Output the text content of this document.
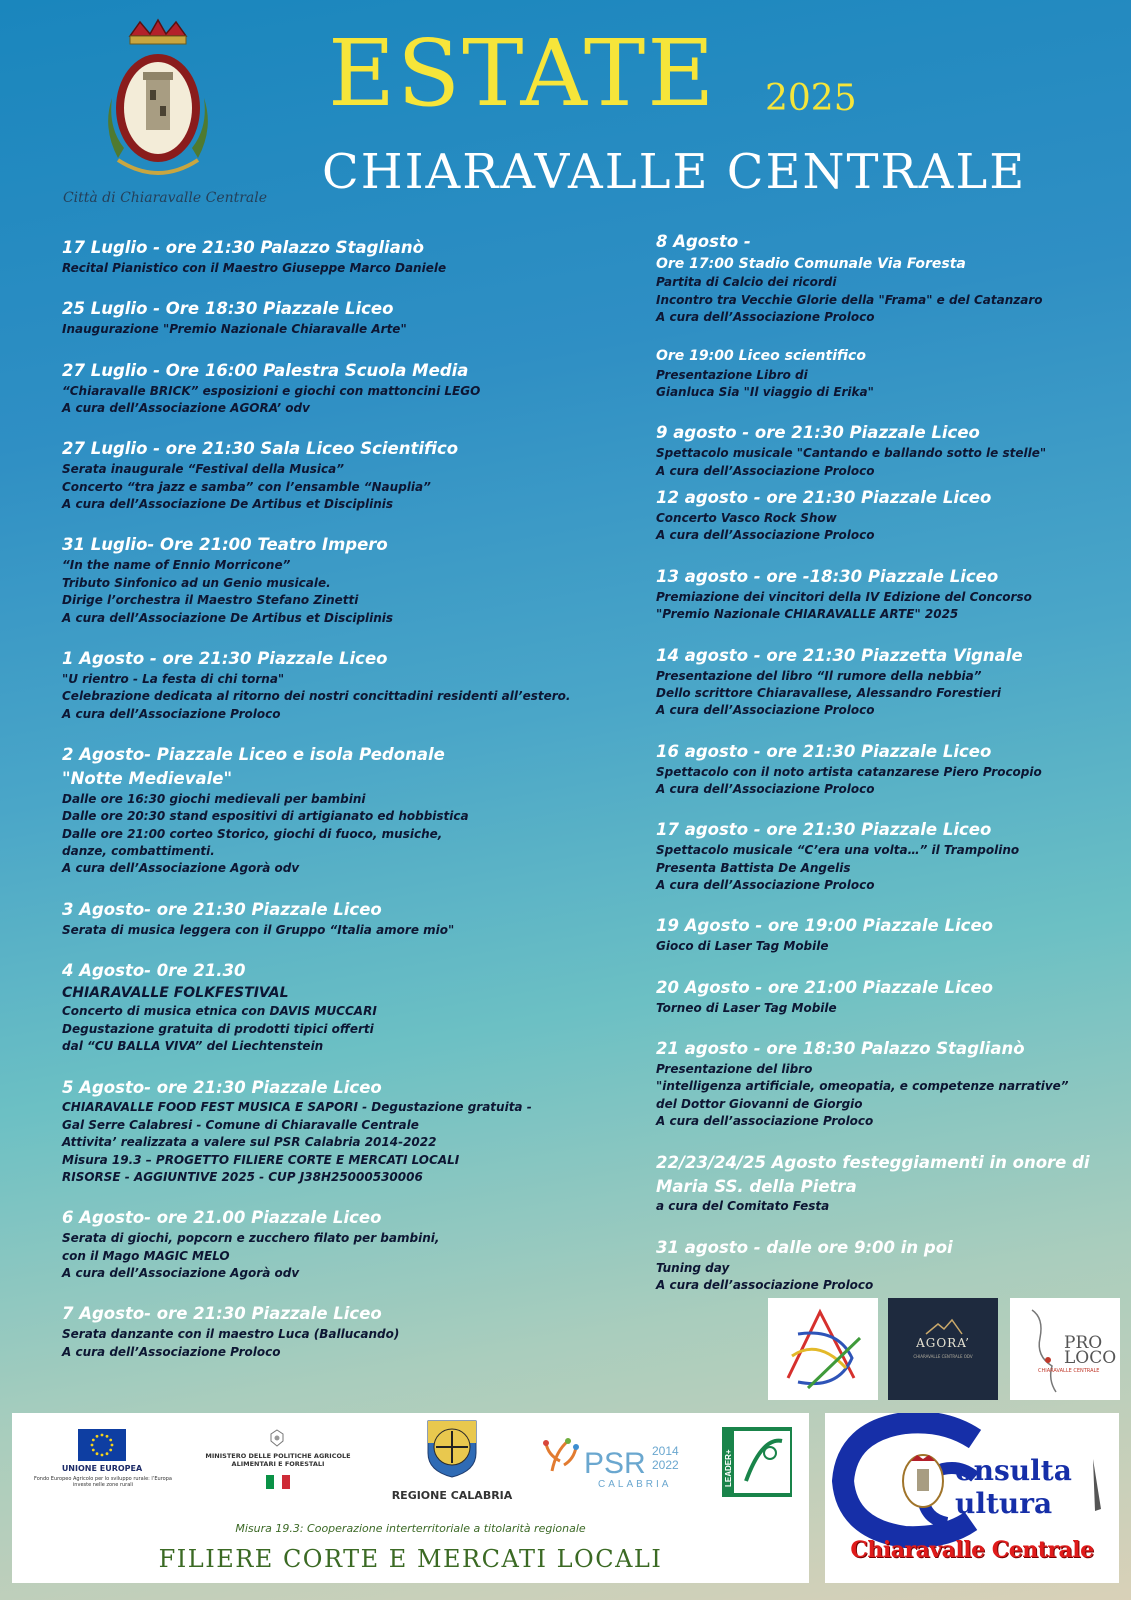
Città di Chiaravalle Centrale
ESTATE 2025
CHIARAVALLE CENTRALE

17 Luglio - ore 21:30 Palazzo Staglianò

Recital Pianistico con il Maestro Giuseppe Marco Daniele

25 Luglio - Ore 18:30 Piazzale Liceo

Inaugurazione "Premio Nazionale Chiaravalle Arte"

27 Luglio - Ore 16:00 Palestra Scuola Media

“Chiaravalle BRICK” esposizioni e giochi con mattoncini LEGO

A cura dell’Associazione AGORA’ odv

27 Luglio - ore 21:30 Sala Liceo Scientifico

Serata inaugurale “Festival della Musica”

Concerto “tra jazz e samba” con l’ensamble “Nauplia”

A cura dell’Associazione De Artibus et Disciplinis

31 Luglio- Ore 21:00 Teatro Impero

“In the name of Ennio Morricone”

Tributo Sinfonico ad un Genio musicale.

Dirige l’orchestra il Maestro Stefano Zinetti

A cura dell’Associazione De Artibus et Disciplinis

1 Agosto - ore 21:30 Piazzale Liceo

"U rientro - La festa di chi torna"

Celebrazione dedicata al ritorno dei nostri concittadini residenti all’estero.

A cura dell’Associazione Proloco

2 Agosto- Piazzale Liceo e isola Pedonale

"Notte Medievale"

Dalle ore 16:30 giochi medievali per bambini

Dalle ore 20:30 stand espositivi di artigianato ed hobbistica

Dalle ore 21:00 corteo Storico, giochi di fuoco, musiche,

danze, combattimenti.

A cura dell’Associazione Agorà odv

3 Agosto- ore 21:30 Piazzale Liceo

Serata di musica leggera con il Gruppo “Italia amore mio"

4 Agosto- 0re 21.30

CHIARAVALLE FOLKFESTIVAL

Concerto di musica etnica con DAVIS MUCCARI

Degustazione gratuita di prodotti tipici offerti

dal “CU BALLA VIVA” del Liechtenstein

5 Agosto- ore 21:30 Piazzale Liceo

CHIARAVALLE FOOD FEST MUSICA E SAPORI - Degustazione gratuita -

Gal Serre Calabresi - Comune di Chiaravalle Centrale

Attivita’ realizzata a valere sul PSR Calabria 2014-2022

Misura 19.3 – PROGETTO FILIERE CORTE E MERCATI LOCALI

RISORSE - AGGIUNTIVE 2025 - CUP J38H25000530006

6 Agosto- ore 21.00 Piazzale Liceo

Serata di giochi, popcorn e zucchero filato per bambini,

con il Mago MAGIC MELO

A cura dell’Associazione Agorà odv

7 Agosto- ore 21:30 Piazzale Liceo

Serata danzante con il maestro Luca (Ballucando)

A cura dell’Associazione Proloco

8 Agosto -

Ore 17:00 Stadio Comunale Via Foresta

Partita di Calcio dei ricordi

Incontro tra Vecchie Glorie della "Frama" e del Catanzaro

A cura dell’Associazione Proloco

Ore 19:00 Liceo scientifico

Presentazione Libro di

Gianluca Sia "Il viaggio di Erika"

9 agosto - ore 21:30 Piazzale Liceo

Spettacolo musicale "Cantando e ballando sotto le stelle"

A cura dell’Associazione Proloco

12 agosto - ore 21:30 Piazzale Liceo

Concerto Vasco Rock Show

A cura dell’Associazione Proloco

13 agosto - ore -18:30 Piazzale Liceo

Premiazione dei vincitori della IV Edizione del Concorso

"Premio Nazionale CHIARAVALLE ARTE" 2025

14 agosto - ore 21:30 Piazzetta Vignale

Presentazione del libro “Il rumore della nebbia”

Dello scrittore Chiaravallese, Alessandro Forestieri

A cura dell’Associazione Proloco

16 agosto - ore 21:30 Piazzale Liceo

Spettacolo con il noto artista catanzarese Piero Procopio

A cura dell’Associazione Proloco

17 agosto - ore 21:30 Piazzale Liceo

Spettacolo musicale “C’era una volta…” il Trampolino

Presenta Battista De Angelis

A cura dell’Associazione Proloco

19 Agosto - ore 19:00 Piazzale Liceo

Gioco di Laser Tag Mobile

20 Agosto - ore 21:00 Piazzale Liceo

Torneo di Laser Tag Mobile

21 agosto - ore 18:30 Palazzo Staglianò

Presentazione del libro

"intelligenza artificiale, omeopatia, e competenze narrative”

del Dottor Giovanni de Giorgio

A cura dell’associazione Proloco

22/23/24/25 Agosto festeggiamenti in onore di

Maria SS. della Pietra

a cura del Comitato Festa

31 agosto - dalle ore 9:00 in poi

Tuning day

A cura dell’associazione Proloco

AGORA’
CHIARAVALLE CENTRALE ODV
PRO LOCO
CHIARAVALLE CENTRALE
UNIONE EUROPEA
Fondo Europeo Agricolo per lo sviluppo rurale: l’Europa investe nelle zone rurali
MINISTERO DELLE POLITICHE AGRICOLE ALIMENTARI E FORESTALI
REGIONE CALABRIA
PSR 2014
2022
CALABRIA	LEADER+
Misura 19.3: Cooperazione interterritoriale a titolarità regionale
FILIERE CORTE E MERCATI LOCALI
onsulta
ultura
Chiaravalle Centrale
